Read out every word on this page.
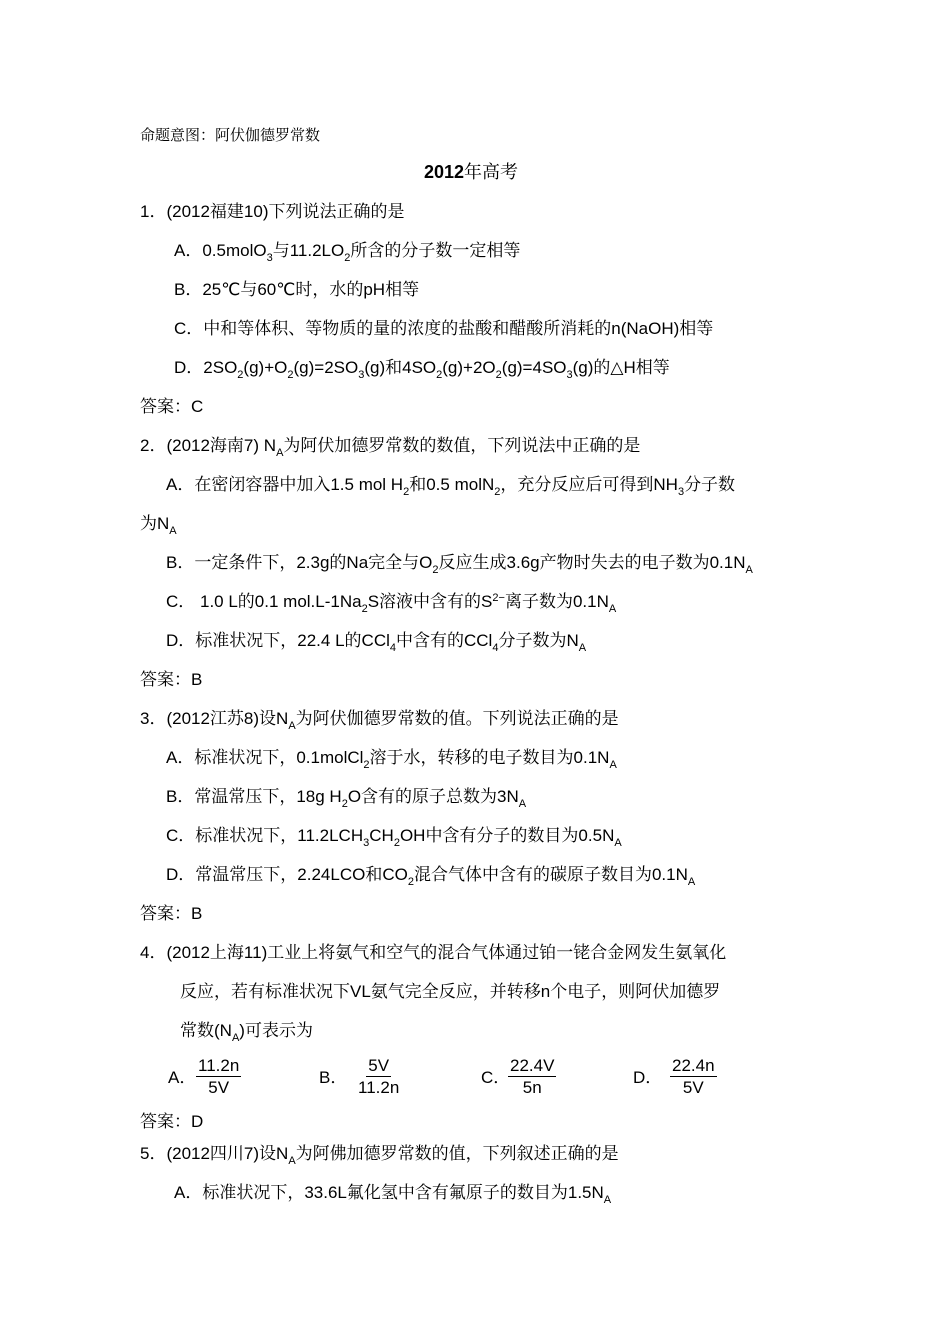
命题意图：阿伏伽德罗常数
2012年高考
1．(2012福建10)下列说法正确的是
A．0.5molO$_3$与$11.2LO_2$所含的分子数一定相等
B．25℃与60℃时，水的pH相等
C．中和等体积、等物质的量的浓度的盐酸和醋酸所消耗的n(NaOH)相等
D．$2SO_2(g)+O_2(g)=2SO_3(g)$和$4SO_2(g)+2O_2(g)=4SO_3(g)$的△H相等
答案：C
2．(2012海南7) $N_A$为阿伏加德罗常数的数值，下列说法中正确的是
A．在密闭容器中加入1.5 mol $H_2$和0.5 molN$_2$，充分反应后可得到$NH_3$分子数
为$N_A$
B．一定条件下，2.3g的Na完全与$O_2$反应生成3.6g产物时失去的电子数为$0.1N_A$
C． 1.0 L的0.1 $mol.L-1Na_2S$溶液中含有的$S^{2-}$离子数为$0.1N_A$
D．标准状况下，22.4 L的CCl$_4$中含有的CCl$_4$分子数为$N_A$
答案：B
3．(2012江苏8)设$N_A$为阿伏伽德罗常数的值。下列说法正确的是
A．标准状况下，0.1molCl$_2$溶于水，转移的电子数目为$0.1N_A$
B．常温常压下，18g $H_2O$含有的原子总数为$3N_A$
C．标准状况下，$11.2LCH_3CH_2OH$中含有分子的数目为$0.5N_A$
D．常温常压下，2.24LCO和$CO_2$混合气体中含有的碳原子数目为$0.1N_A$
答案：B
4．(2012上海11)工业上将氨气和空气的混合气体通过铂一铑合金网发生氨氧化
反应，若有标准状况下VL氨气完全反应，并转移n个电子，则阿伏加德罗
常数$(N_A)$可表示为
A． $\frac{11.2n}{5V}$	B． $\frac{5V}{11.2n}$	C．
$\frac{22.4V}{5n}$	D． $\frac{22.4n}{5V}$
答案：D
5．(2012四川7)设$N_A$为阿佛加德罗常数的值，下列叙述正确的是
A．标准状况下，33.6L氟化氢中含有氟原子的数目为$1.5N_A$
